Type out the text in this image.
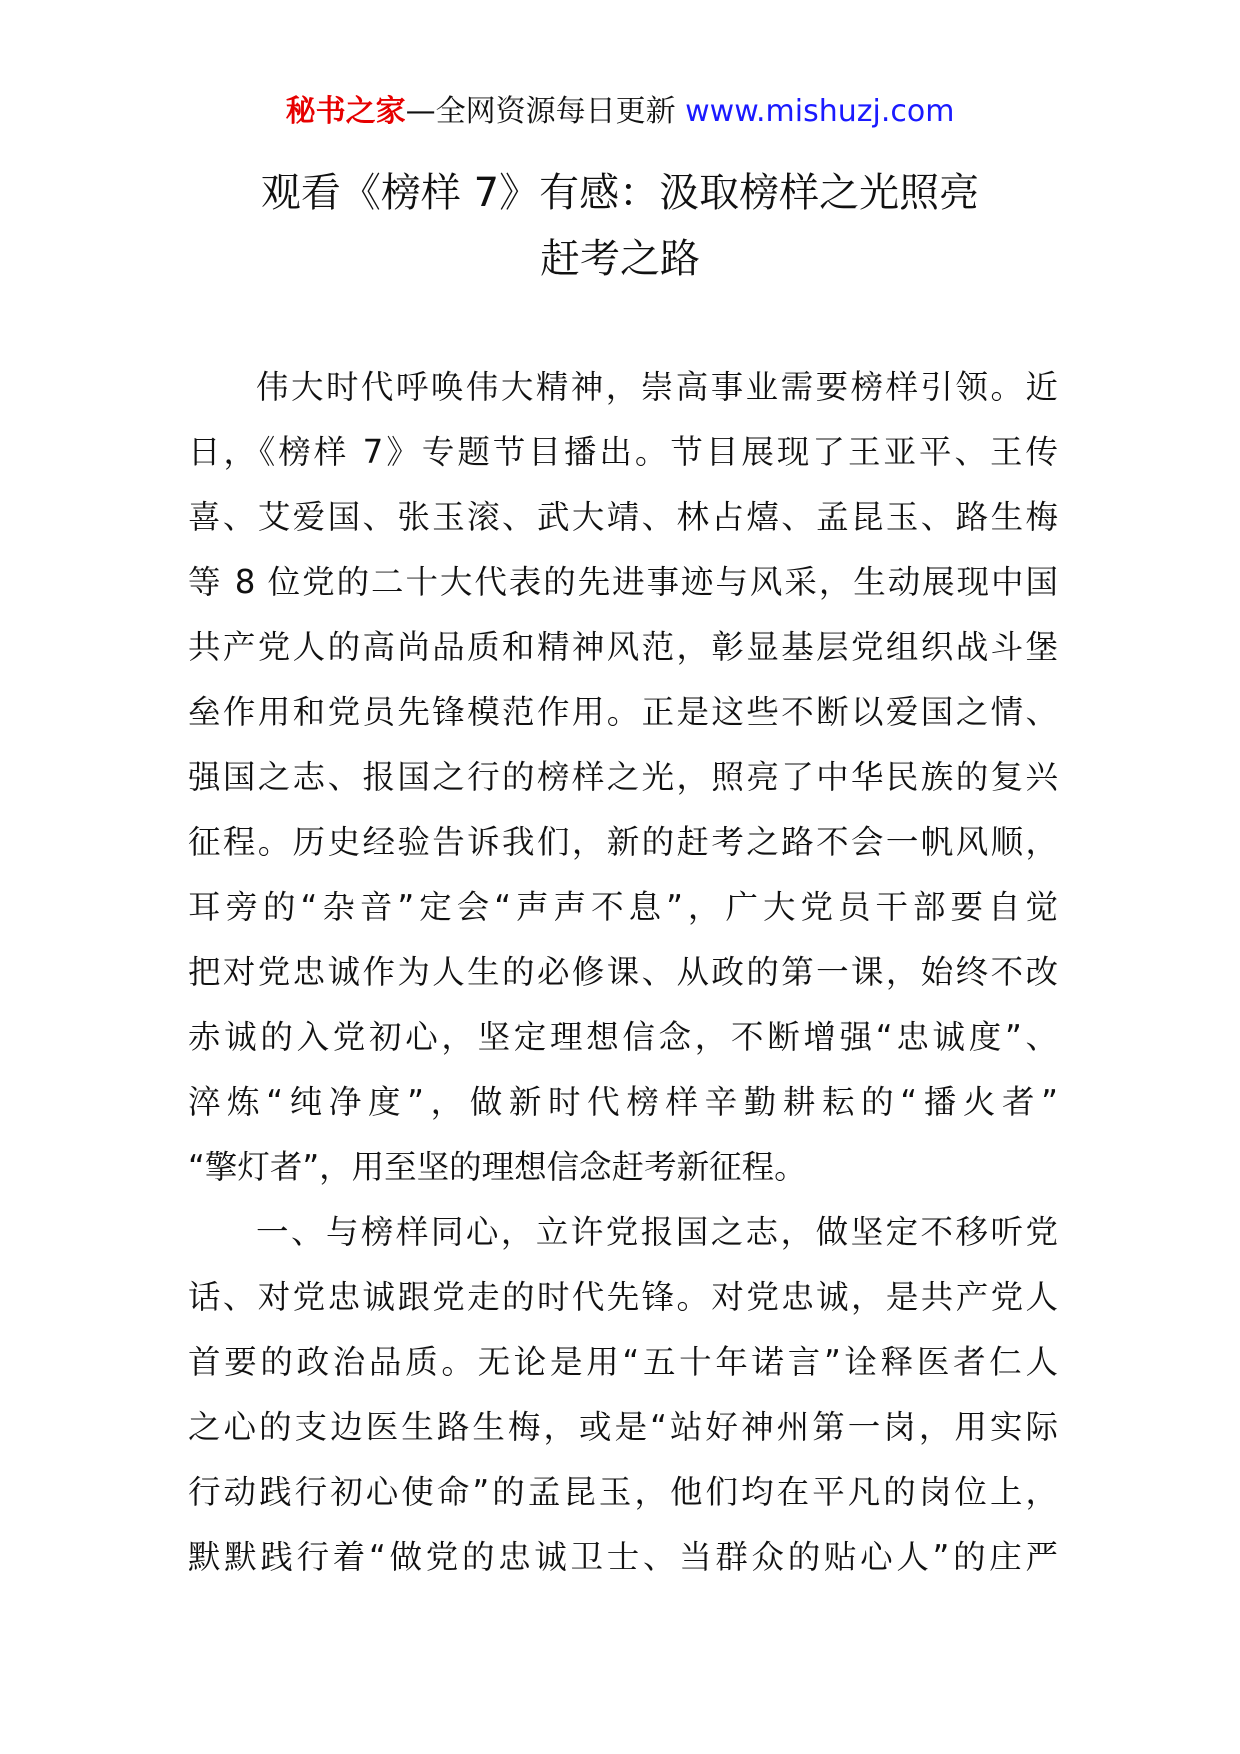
秘书之家—全网资源每日更新 www.mishuzj.com
观看《榜样 7》有感：汲取榜样之光照亮
赶考之路
伟大时代呼唤伟大精神，崇高事业需要榜样引领。近
日，《榜样 7》专题节目播出。节目展现了王亚平、王传
喜、艾爱国、张玉滚、武大靖、林占熺、孟昆玉、路生梅
等 8 位党的二十大代表的先进事迹与风采，生动展现中国
共产党人的高尚品质和精神风范，彰显基层党组织战斗堡
垒作用和党员先锋模范作用。正是这些不断以爱国之情、
强国之志、报国之行的榜样之光，照亮了中华民族的复兴
征程。历史经验告诉我们，新的赶考之路不会一帆风顺，
耳旁的“杂音”定会“声声不息”，广大党员干部要自觉
把对党忠诚作为人生的必修课、从政的第一课，始终不改
赤诚的入党初心，坚定理想信念，不断增强“忠诚度”、
淬炼“纯净度”，做新时代榜样辛勤耕耘的“播火者”
“擎灯者”，用至坚的理想信念赶考新征程。
一、与榜样同心，立许党报国之志，做坚定不移听党
话、对党忠诚跟党走的时代先锋。对党忠诚，是共产党人
首要的政治品质。无论是用“五十年诺言”诠释医者仁人
之心的支边医生路生梅，或是“站好神州第一岗，用实际
行动践行初心使命”的孟昆玉，他们均在平凡的岗位上，
默默践行着“做党的忠诚卫士、当群众的贴心人”的庄严
